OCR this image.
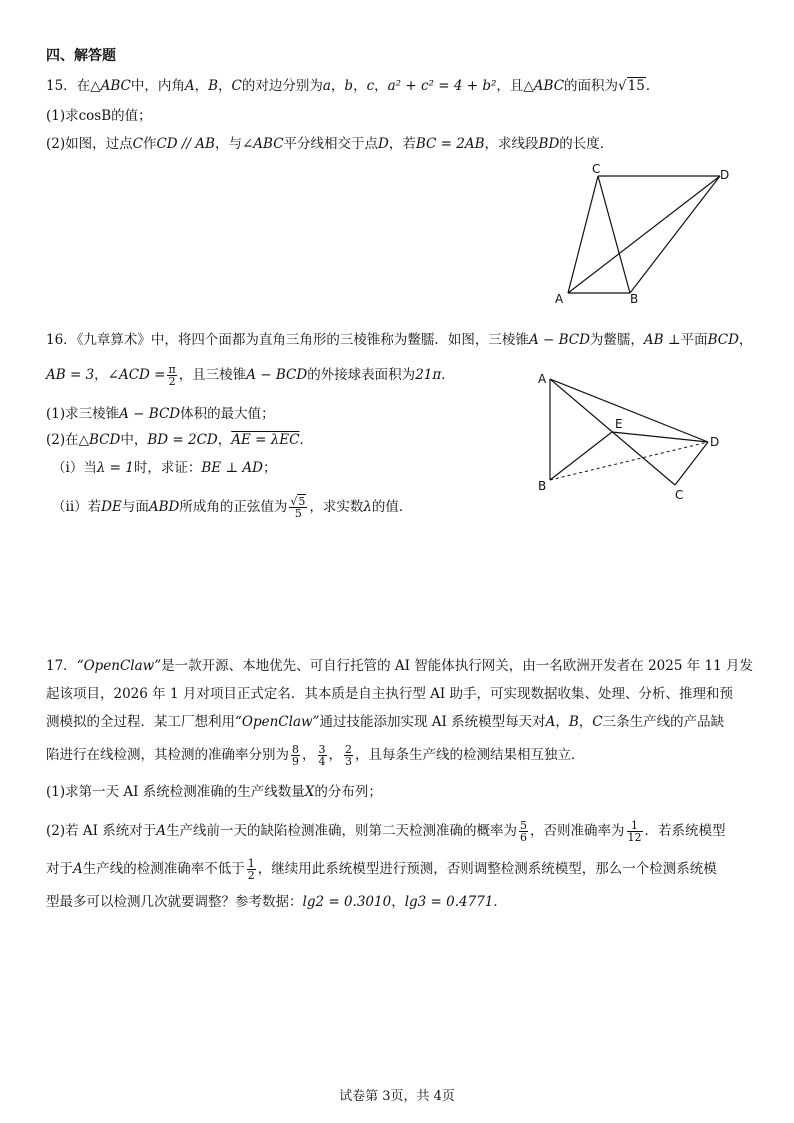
四、解答题
15．在△ABC中，内角A，B，C的对边分别为a，b，c，a² + c² = 4 + b²，且△ABC的面积为√15．
(1)求cosB的值；
(2)如图，过点C作CD // AB，与∠ABC平分线相交于点D，若BC = 2AB，求线段BD的长度．
A	B
C	D
16．《九章算术》中，将四个面都为直角三角形的三棱锥称为鳖臑．如图，三棱锥A − BCD为鳖臑，AB ⊥平面BCD，
AB = 3，∠ACD = $\frac{\pi}{2}$ ，且三棱锥A − BCD的外接球表面积为21π．
(1)求三棱锥A − BCD体积的最大值；
(2)在△BCD中，BD = 2CD，AE = λEC．
（i）当λ = 1时，求证：BE ⊥ AD；
（ii）若DE与面ABD所成角的正弦值为 $\frac{√5}{5}$ ，求实数λ的值．
A
B
C
D
E
17．“OpenClaw”是一款开源、本地优先、可自行托管的 AI 智能体执行网关，由一名欧洲开发者在 2025 年 11 月发
起该项目，2026 年 1 月对项目正式定名．其本质是自主执行型 AI 助手，可实现数据收集、处理、分析、推理和预
测模拟的全过程．某工厂想利用“OpenClaw”通过技能添加实现 AI 系统模型每天对A，B，C三条生产线的产品缺
陷进行在线检测，其检测的准确率分别为 $\frac{8}{9}$ ， $\frac{3}{4}$ ， $\frac{2}{3}$ ，且每条生产线的检测结果相互独立．
(1)求第一天 AI 系统检测准确的生产线数量X的分布列；
(2)若 AI 系统对于A生产线前一天的缺陷检测准确，则第二天检测准确的概率为 $\frac{5}{6}$ ，否则准确率为 $\frac{1}{12}$ ．若系统模型
对于A生产线的检测准确率不低于 $\frac{1}{2}$ ，继续用此系统模型进行预测，否则调整检测系统模型，那么一个检测系统模
型最多可以检测几次就要调整？参考数据：lg2 = 0.3010，lg3 = 0.4771．
试卷第 3页，共 4页
